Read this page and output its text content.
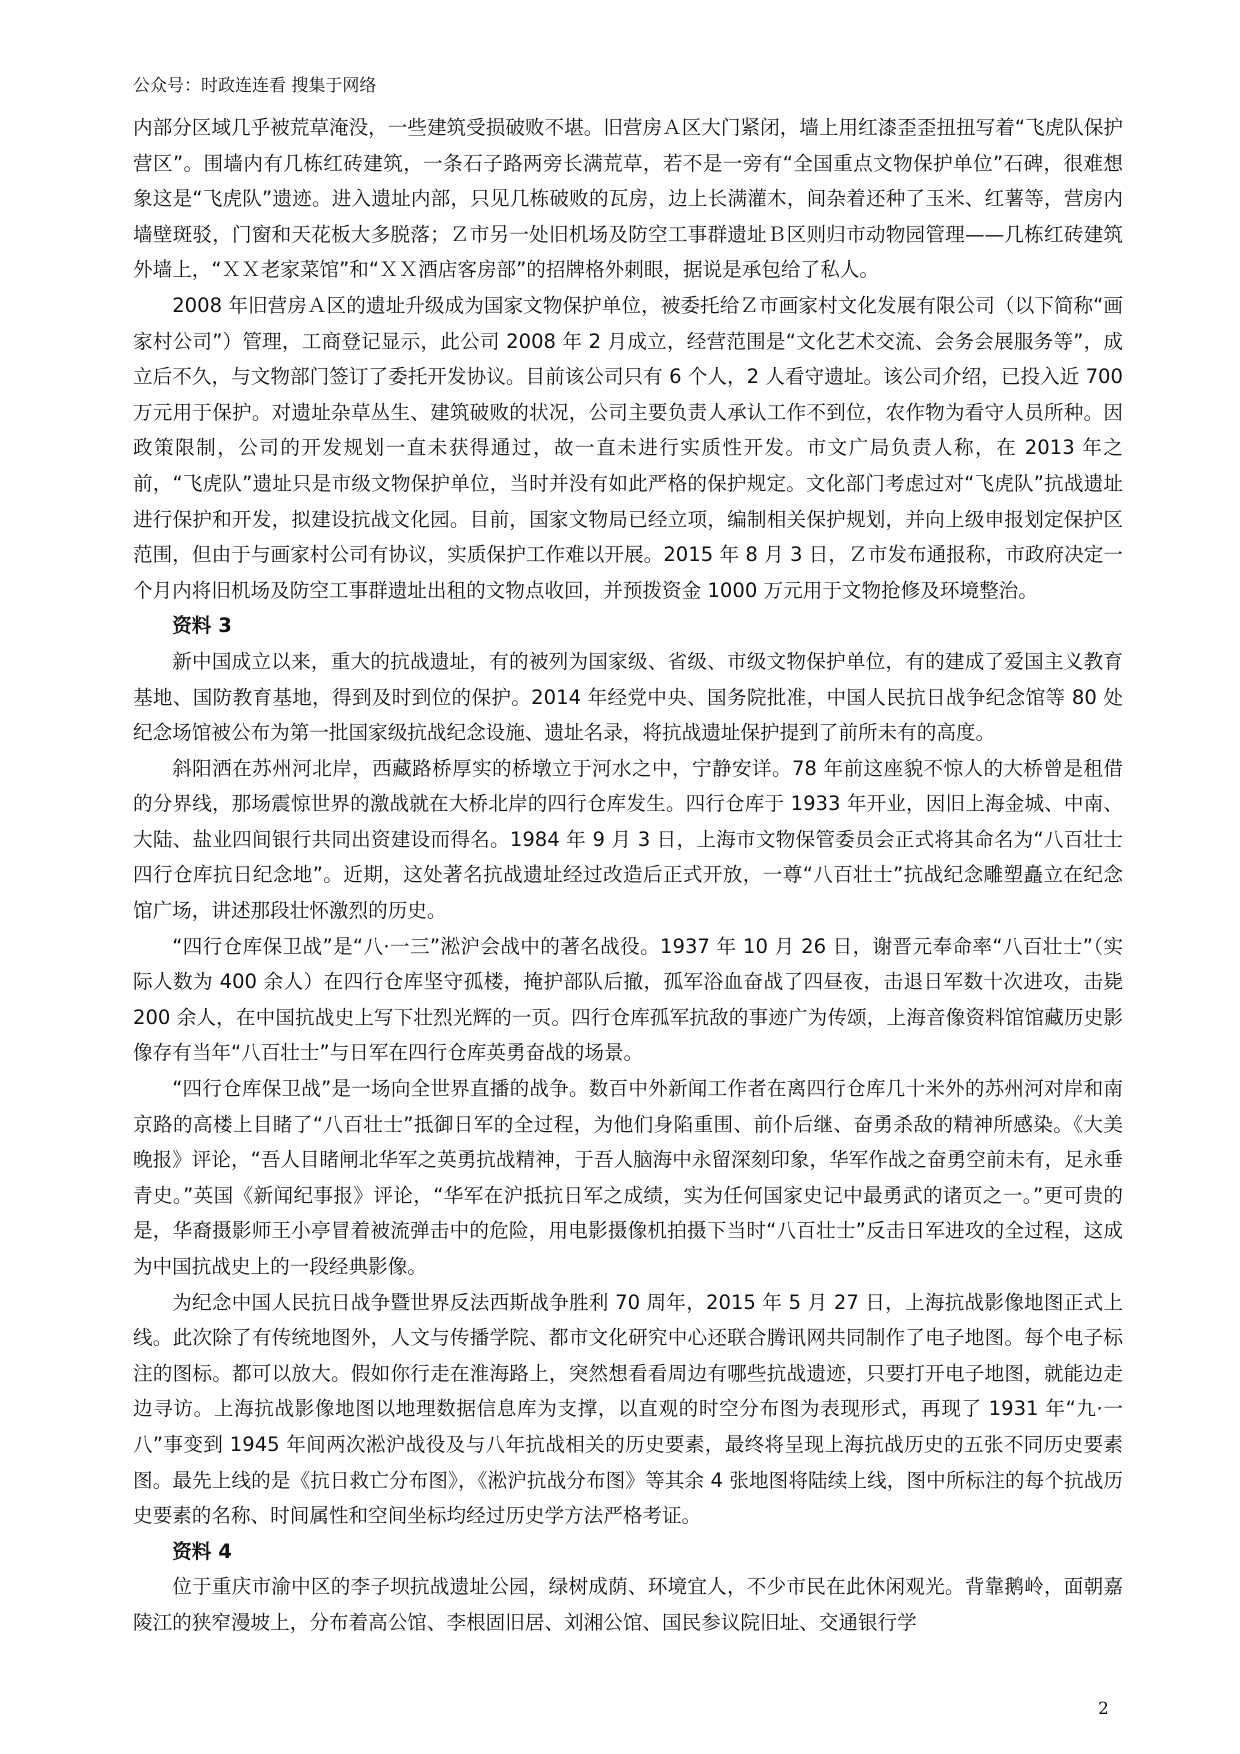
公众号：时政连连看 搜集于网络

内部分区域几乎被荒草淹没，一些建筑受损破败不堪。旧营房Ａ区大门紧闭，墙上用红漆歪歪扭扭写着“飞虎队保护营区”。围墙内有几栋红砖建筑，一条石子路两旁长满荒草，若不是一旁有“全国重点文物保护单位”石碑，很难想象这是“飞虎队”遗迹。进入遗址内部，只见几栋破败的瓦房，边上长满灌木，间杂着还种了玉米、红薯等，营房内墙壁斑驳，门窗和天花板大多脱落；Ｚ市另一处旧机场及防空工事群遗址Ｂ区则归市动物园管理——几栋红砖建筑外墙上，“ＸＸ老家菜馆”和“ＸＸ酒店客房部”的招牌格外刺眼，据说是承包给了私人。

2008 年旧营房Ａ区的遗址升级成为国家文物保护单位，被委托给Ｚ市画家村文化发展有限公司（以下简称“画家村公司”）管理，工商登记显示，此公司 2008 年 2 月成立，经营范围是“文化艺术交流、会务会展服务等”，成立后不久，与文物部门签订了委托开发协议。目前该公司只有 6 个人，2 人看守遗址。该公司介绍，已投入近 700 万元用于保护。对遗址杂草丛生、建筑破败的状况，公司主要负责人承认工作不到位，农作物为看守人员所种。因政策限制，公司的开发规划一直未获得通过，故一直未进行实质性开发。市文广局负责人称，在 2013 年之前，“飞虎队”遗址只是市级文物保护单位，当时并没有如此严格的保护规定。文化部门考虑过对“飞虎队”抗战遗址进行保护和开发，拟建设抗战文化园。目前，国家文物局已经立项，编制相关保护规划，并向上级申报划定保护区范围，但由于与画家村公司有协议，实质保护工作难以开展。2015 年 8 月 3 日，Ｚ市发布通报称，市政府决定一个月内将旧机场及防空工事群遗址出租的文物点收回，并预拨资金 1000 万元用于文物抢修及环境整治。

资料 3

新中国成立以来，重大的抗战遗址，有的被列为国家级、省级、市级文物保护单位，有的建成了爱国主义教育基地、国防教育基地，得到及时到位的保护。2014 年经党中央、国务院批准，中国人民抗日战争纪念馆等 80 处纪念场馆被公布为第一批国家级抗战纪念设施、遗址名录，将抗战遗址保护提到了前所未有的高度。

斜阳洒在苏州河北岸，西藏路桥厚实的桥墩立于河水之中，宁静安详。78 年前这座貌不惊人的大桥曾是租借的分界线，那场震惊世界的激战就在大桥北岸的四行仓库发生。四行仓库于 1933 年开业，因旧上海金城、中南、大陆、盐业四间银行共同出资建设而得名。1984 年 9 月 3 日，上海市文物保管委员会正式将其命名为“八百壮士四行仓库抗日纪念地”。近期，这处著名抗战遗址经过改造后正式开放，一尊“八百壮士”抗战纪念雕塑矗立在纪念馆广场，讲述那段壮怀激烈的历史。

“四行仓库保卫战”是“八·一三”淞沪会战中的著名战役。1937 年 10 月 26 日，谢晋元奉命率“八百壮士”（实际人数为 400 余人）在四行仓库坚守孤楼，掩护部队后撤，孤军浴血奋战了四昼夜，击退日军数十次进攻，击毙 200 余人，在中国抗战史上写下壮烈光辉的一页。四行仓库孤军抗敌的事迹广为传颂，上海音像资料馆馆藏历史影像存有当年“八百壮士”与日军在四行仓库英勇奋战的场景。

“四行仓库保卫战”是一场向全世界直播的战争。数百中外新闻工作者在离四行仓库几十米外的苏州河对岸和南京路的高楼上目睹了“八百壮士”抵御日军的全过程，为他们身陷重围、前仆后继、奋勇杀敌的精神所感染。《大美晚报》评论，“吾人目睹闸北华军之英勇抗战精神，于吾人脑海中永留深刻印象，华军作战之奋勇空前未有，足永垂青史。”英国《新闻纪事报》评论，“华军在沪抵抗日军之成绩，实为任何国家史记中最勇武的诸页之一。”更可贵的是，华裔摄影师王小亭冒着被流弹击中的危险，用电影摄像机拍摄下当时“八百壮士”反击日军进攻的全过程，这成为中国抗战史上的一段经典影像。

为纪念中国人民抗日战争暨世界反法西斯战争胜利 70 周年，2015 年 5 月 27 日，上海抗战影像地图正式上线。此次除了有传统地图外，人文与传播学院、都市文化研究中心还联合腾讯网共同制作了电子地图。每个电子标注的图标。都可以放大。假如你行走在淮海路上，突然想看看周边有哪些抗战遗迹，只要打开电子地图，就能边走边寻访。上海抗战影像地图以地理数据信息库为支撑，以直观的时空分布图为表现形式，再现了 1931 年“九·一八”事变到 1945 年间两次淞沪战役及与八年抗战相关的历史要素，最终将呈现上海抗战历史的五张不同历史要素图。最先上线的是《抗日救亡分布图》，《淞沪抗战分布图》等其余 4 张地图将陆续上线，图中所标注的每个抗战历史要素的名称、时间属性和空间坐标均经过历史学方法严格考证。

资料 4

位于重庆市渝中区的李子坝抗战遗址公园，绿树成荫、环境宜人，不少市民在此休闲观光。背靠鹅岭，面朝嘉陵江的狭窄漫坡上，分布着高公馆、李根固旧居、刘湘公馆、国民参议院旧址、交通银行学

2
